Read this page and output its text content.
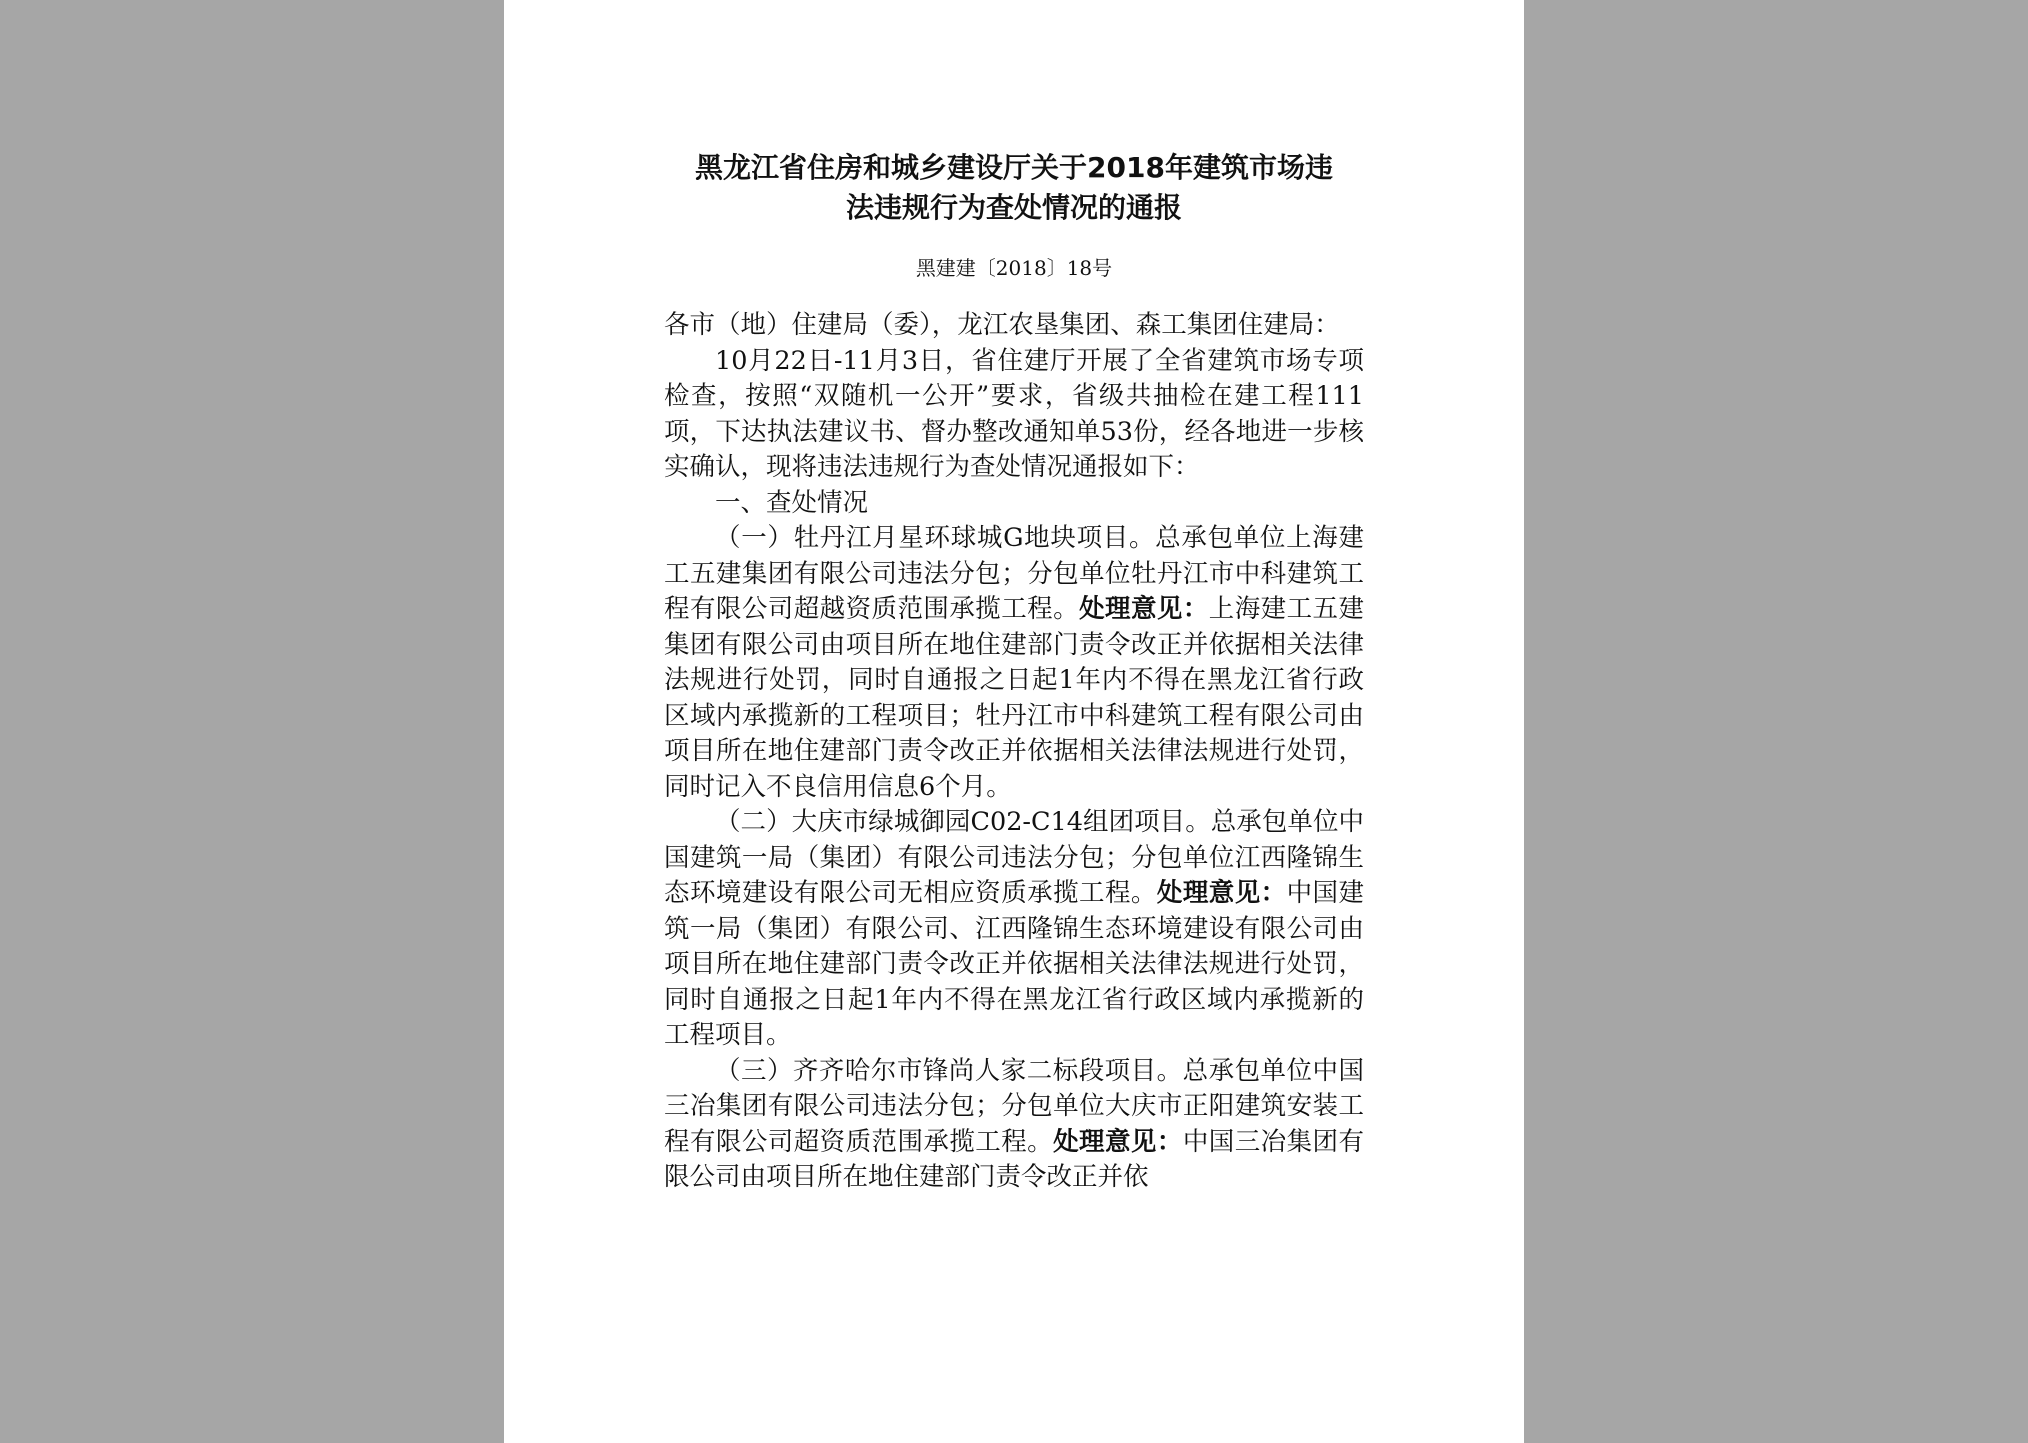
黑龙江省住房和城乡建设厅关于2018年建筑市场违
法违规行为查处情况的通报
黑建建〔2018〕18号

各市（地）住建局（委），龙江农垦集团、森工集团住建局：

10月22日-11月3日，省住建厅开展了全省建筑市场专项检查，按照“双随机一公开”要求，省级共抽检在建工程111项，下达执法建议书、督办整改通知单53份，经各地进一步核实确认，现将违法违规行为查处情况通报如下：

一、查处情况

（一）牡丹江月星环球城G地块项目。总承包单位上海建工五建集团有限公司违法分包；分包单位牡丹江市中科建筑工程有限公司超越资质范围承揽工程。处理意见：上海建工五建集团有限公司由项目所在地住建部门责令改正并依据相关法律法规进行处罚，同时自通报之日起1年内不得在黑龙江省行政区域内承揽新的工程项目；牡丹江市中科建筑工程有限公司由项目所在地住建部门责令改正并依据相关法律法规进行处罚，同时记入不良信用信息6个月。

（二）大庆市绿城御园C02-C14组团项目。总承包单位中国建筑一局（集团）有限公司违法分包；分包单位江西隆锦生态环境建设有限公司无相应资质承揽工程。处理意见：中国建筑一局（集团）有限公司、江西隆锦生态环境建设有限公司由项目所在地住建部门责令改正并依据相关法律法规进行处罚，同时自通报之日起1年内不得在黑龙江省行政区域内承揽新的工程项目。

（三）齐齐哈尔市锋尚人家二标段项目。总承包单位中国三冶集团有限公司违法分包；分包单位大庆市正阳建筑安装工程有限公司超资质范围承揽工程。处理意见：中国三冶集团有限公司由项目所在地住建部门责令改正并依
